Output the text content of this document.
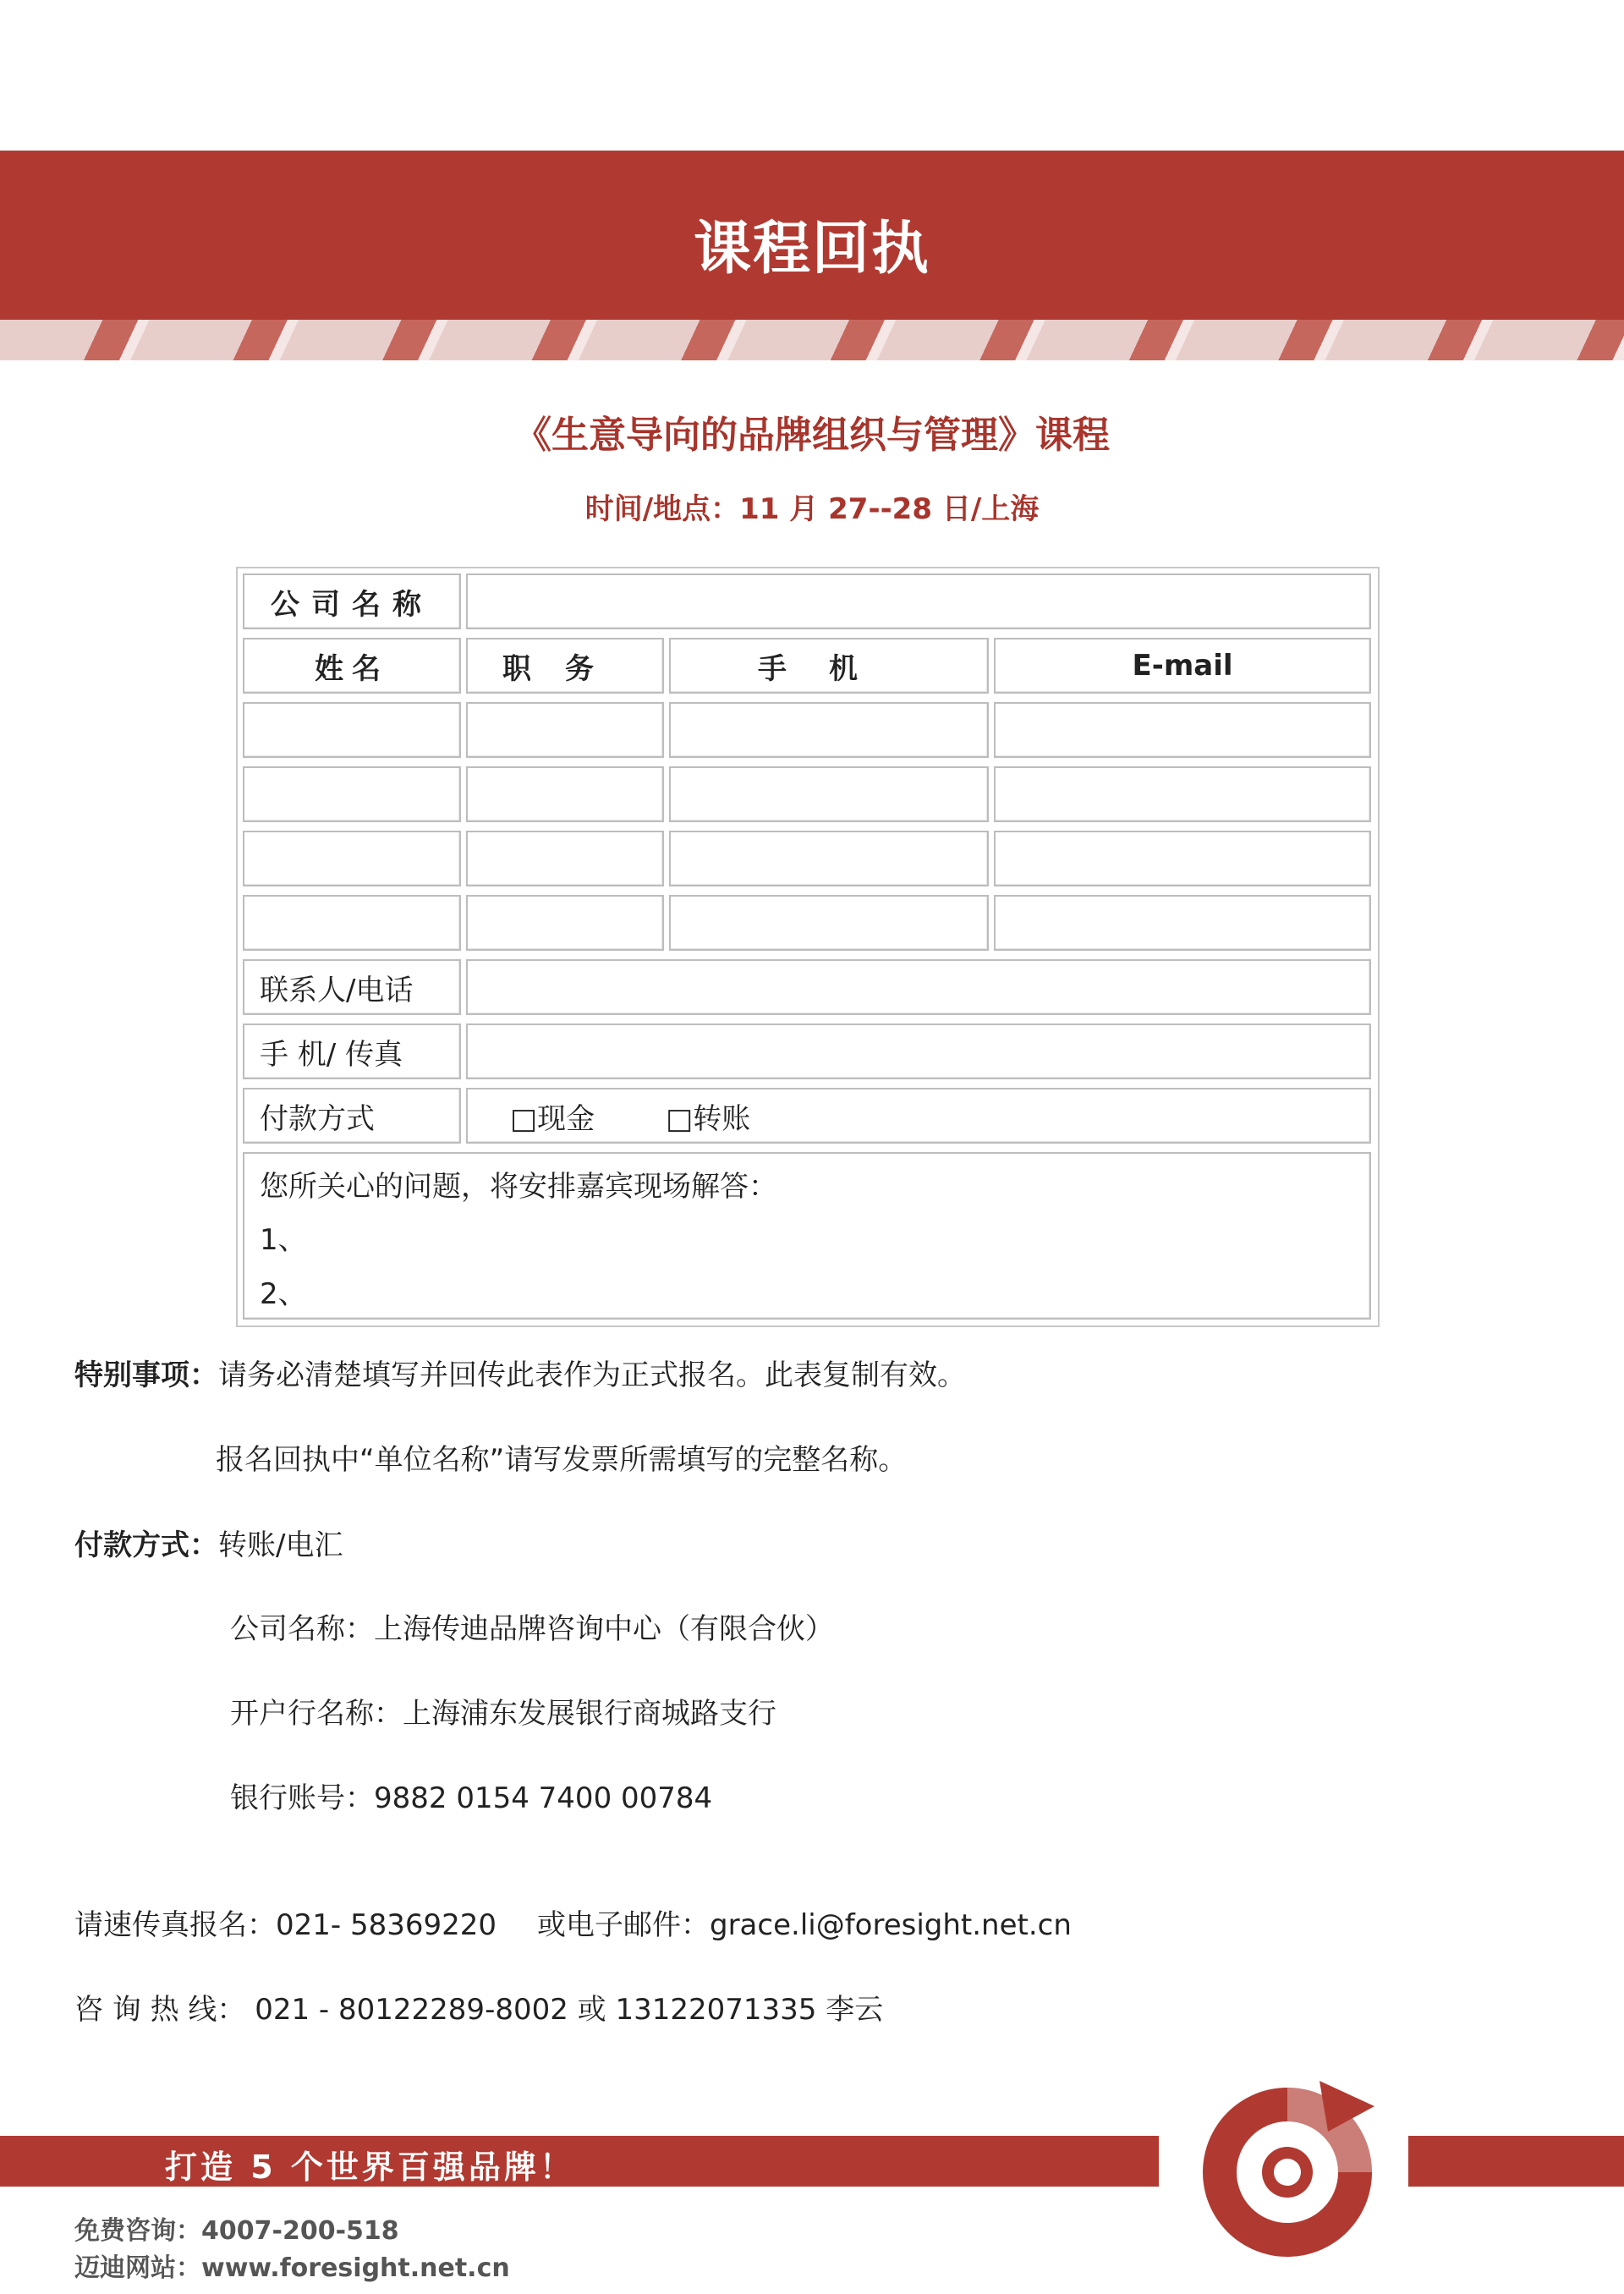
课程回执
《生意导向的品牌组织与管理》课程
时间/地点：11 月 27--28 日/上海
公司名称
姓名	职务	手机	E-mail
联系人/电话
手 机/ 传真
付款方式	□现金 □转账
您所关心的问题，将安排嘉宾现场解答：
1、
2、
特别事项：请务必清楚填写并回传此表作为正式报名。此表复制有效。
报名回执中“单位名称”请写发票所需填写的完整名称。
付款方式：转账/电汇
公司名称：上海传迪品牌咨询中心（有限合伙）
开户行名称：上海浦东发展银行商城路支行
银行账号：9882 0154 7400 00784
请速传真报名：021- 58369220 或电子邮件：grace.li@foresight.net.cn
咨 询 热 线： 021 - 80122289-8002 或 13122071335 李云
打造 5 个世界百强品牌！
免费咨询：4007-200-518
迈迪网站：www.foresight.net.cn
